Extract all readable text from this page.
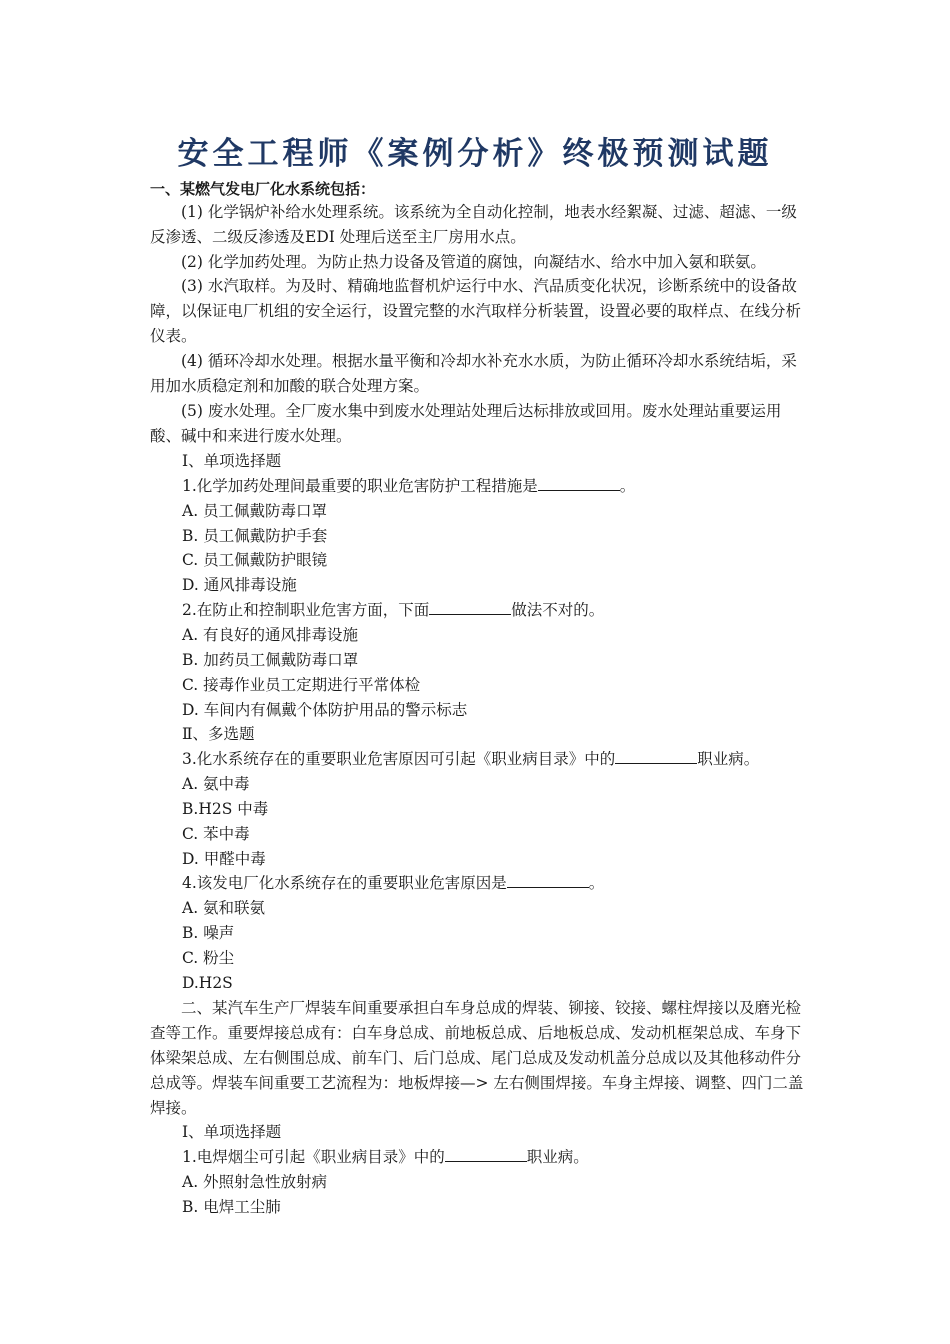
安全工程师《案例分析》终极预测试题
一、某燃气发电厂化水系统包括：

(1) 化学锅炉补给水处理系统。该系统为全自动化控制，地表水经絮凝、过滤、超滤、一级反渗透、二级反渗透及EDI 处理后送至主厂房用水点。

(2) 化学加药处理。为防止热力设备及管道的腐蚀，向凝结水、给水中加入氨和联氨。

(3) 水汽取样。为及时、精确地监督机炉运行中水、汽品质变化状况，诊断系统中的设备故障，以保证电厂机组的安全运行，设置完整的水汽取样分析装置，设置必要的取样点、在线分析仪表。

(4) 循环冷却水处理。根据水量平衡和冷却水补充水水质，为防止循环冷却水系统结垢，采用加水质稳定剂和加酸的联合处理方案。

(5) 废水处理。全厂废水集中到废水处理站处理后达标排放或回用。废水处理站重要运用酸、碱中和来进行废水处理。

Ⅰ、单项选择题
1.化学加药处理间最重要的职业危害防护工程措施是	。
A. 员工佩戴防毒口罩
B. 员工佩戴防护手套
C. 员工佩戴防护眼镜
D. 通风排毒设施
2.在防止和控制职业危害方面，下面	做法不对的。
A. 有良好的通风排毒设施
B. 加药员工佩戴防毒口罩
C. 接毒作业员工定期进行平常体检
D. 车间内有佩戴个体防护用品的警示标志
Ⅱ、多选题
3.化水系统存在的重要职业危害原因可引起《职业病目录》中的	职业病。
A. 氨中毒
B.H2S 中毒
C. 苯中毒
D. 甲醛中毒
4.该发电厂化水系统存在的重要职业危害原因是	。
A. 氨和联氨
B. 噪声
C. 粉尘
D.H2S

二、某汽车生产厂焊装车间重要承担白车身总成的焊装、铆接、铰接、螺柱焊接以及磨光检查等工作。重要焊接总成有：白车身总成、前地板总成、后地板总成、发动机框架总成、车身下体梁架总成、左右侧围总成、前车门、后门总成、尾门总成及发动机盖分总成以及其他移动件分总成等。焊装车间重要工艺流程为：地板焊接—> 左右侧围焊接。车身主焊接、调整、四门二盖焊接。

Ⅰ、单项选择题
1.电焊烟尘可引起《职业病目录》中的	职业病。
A. 外照射急性放射病
B. 电焊工尘肺
